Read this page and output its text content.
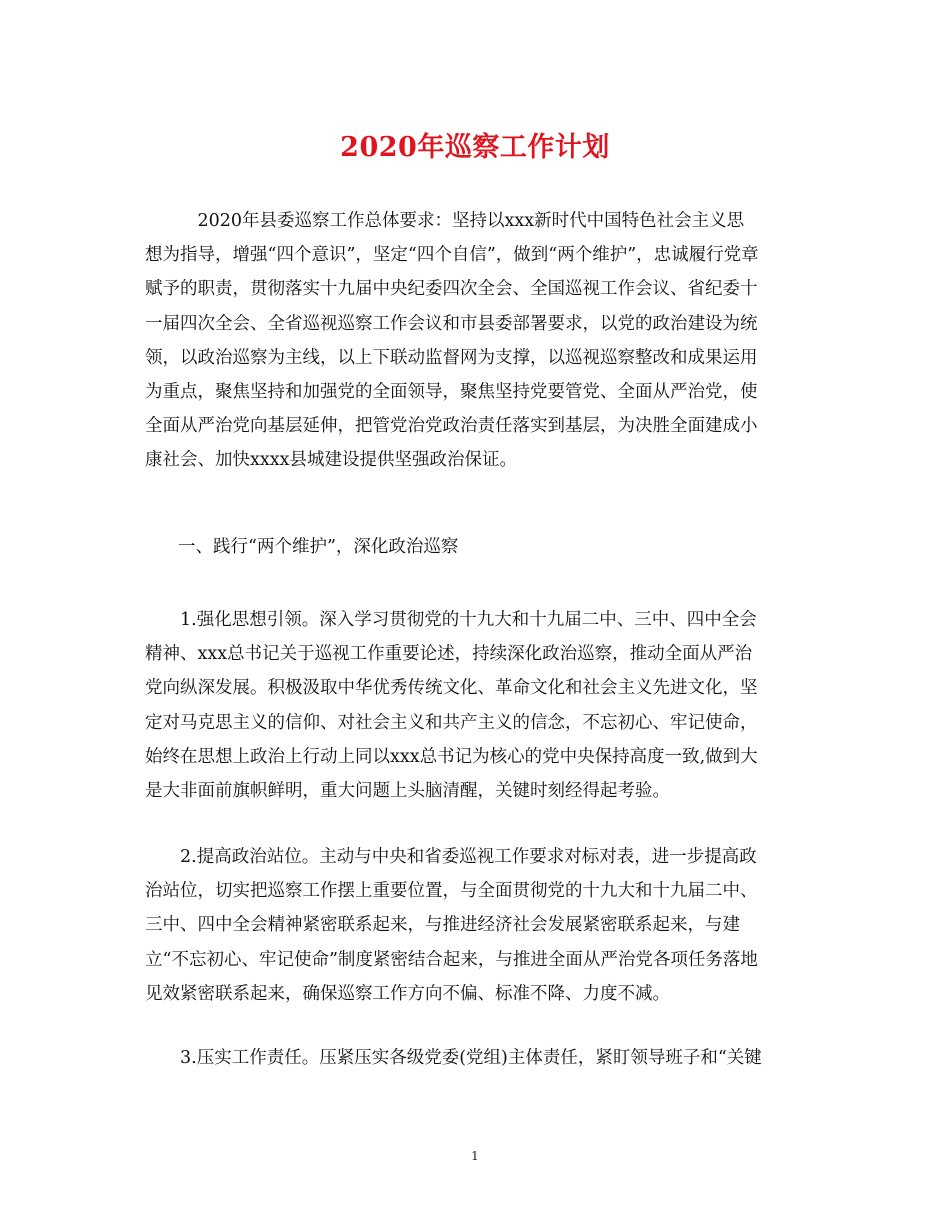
2020年巡察工作计划
　　　2020年县委巡察工作总体要求：坚持以xxx新时代中国特色社会主义思
想为指导，增强“四个意识”，坚定“四个自信”，做到“两个维护”，忠诚履行党章
赋予的职责，贯彻落实十九届中央纪委四次全会、全国巡视工作会议、省纪委十
一届四次全会、全省巡视巡察工作会议和市县委部署要求，以党的政治建设为统
领，以政治巡察为主线，以上下联动监督网为支撑，以巡视巡察整改和成果运用
为重点，聚焦坚持和加强党的全面领导，聚焦坚持党要管党、全面从严治党，使
全面从严治党向基层延伸，把管党治党政治责任落实到基层，为决胜全面建成小
康社会、加快xxxx县城建设提供坚强政治保证。
一、践行“两个维护”，深化政治巡察
　　1.强化思想引领。深入学习贯彻党的十九大和十九届二中、三中、四中全会
精神、xxx总书记关于巡视工作重要论述，持续深化政治巡察，推动全面从严治
党向纵深发展。积极汲取中华优秀传统文化、革命文化和社会主义先进文化，坚
定对马克思主义的信仰、对社会主义和共产主义的信念，不忘初心、牢记使命，
始终在思想上政治上行动上同以xxx总书记为核心的党中央保持高度一致,做到大
是大非面前旗帜鲜明，重大问题上头脑清醒，关键时刻经得起考验。
　　2.提高政治站位。主动与中央和省委巡视工作要求对标对表，进一步提高政
治站位，切实把巡察工作摆上重要位置，与全面贯彻党的十九大和十九届二中、
三中、四中全会精神紧密联系起来，与推进经济社会发展紧密联系起来，与建
立“不忘初心、牢记使命”制度紧密结合起来，与推进全面从严治党各项任务落地
见效紧密联系起来，确保巡察工作方向不偏、标准不降、力度不减。
　　3.压实工作责任。压紧压实各级党委(党组)主体责任，紧盯领导班子和“关键
1
